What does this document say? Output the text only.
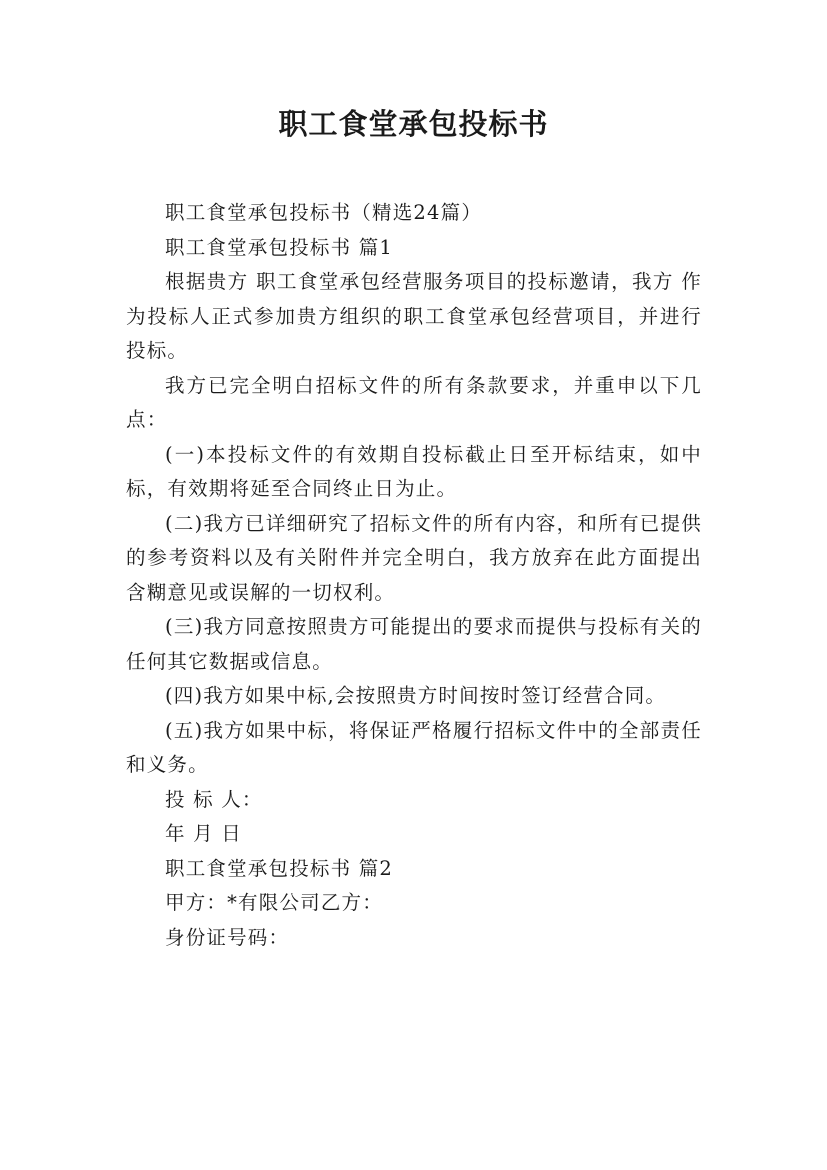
职工食堂承包投标书

职工食堂承包投标书（精选24篇）

职工食堂承包投标书 篇1

根据贵方 职工食堂承包经营服务项目的投标邀请，我方 作为投标人正式参加贵方组织的职工食堂承包经营项目，并进行投标。

我方已完全明白招标文件的所有条款要求，并重申以下几点：

(一)本投标文件的有效期自投标截止日至开标结束，如中标，有效期将延至合同终止日为止。

(二)我方已详细研究了招标文件的所有内容，和所有已提供的参考资料以及有关附件并完全明白，我方放弃在此方面提出含糊意见或误解的一切权利。

(三)我方同意按照贵方可能提出的要求而提供与投标有关的任何其它数据或信息。

(四)我方如果中标,会按照贵方时间按时签订经营合同。

(五)我方如果中标，将保证严格履行招标文件中的全部责任和义务。

投 标 人：

年 月 日

职工食堂承包投标书 篇2

甲方：*有限公司乙方：

身份证号码：
